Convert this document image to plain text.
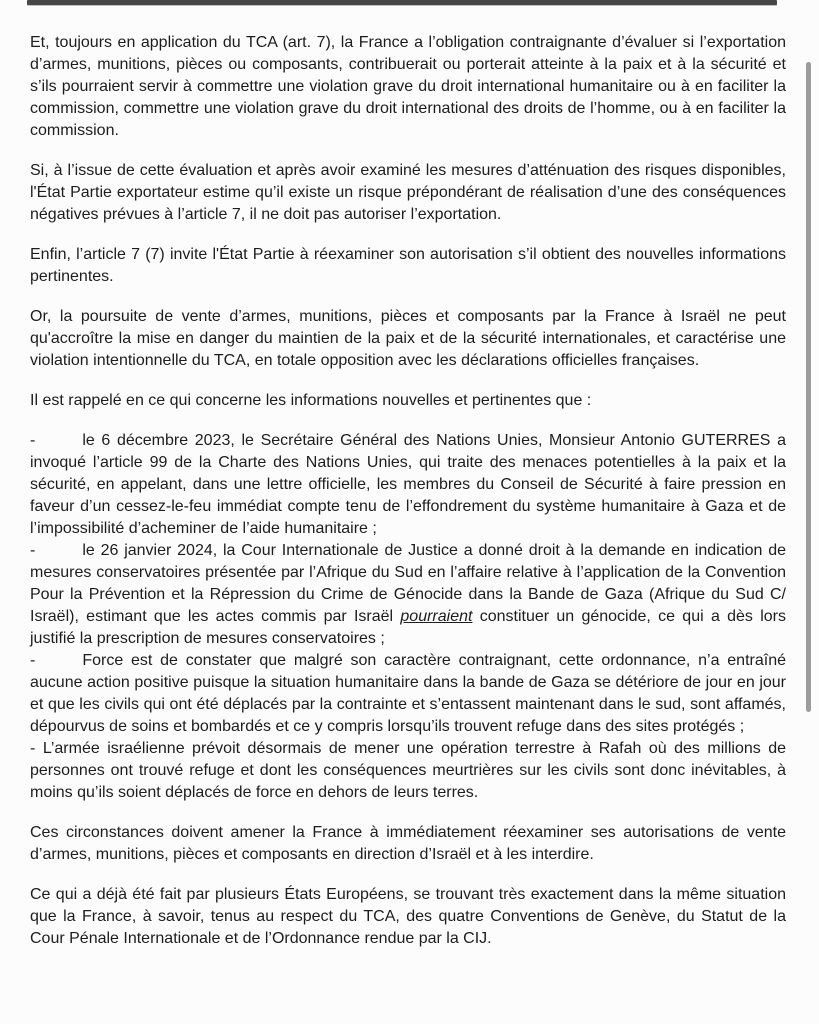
Et, toujours en application du TCA (art. 7), la France a l’obligation contraignante d’évaluer si l’exportation d’armes, munitions, pièces ou composants, contribuerait ou porterait atteinte à la paix et à la sécurité et s’ils pourraient servir à commettre une violation grave du droit international humanitaire ou à en faciliter la commission, commettre une violation grave du droit international des droits de l’homme, ou à en faciliter la commission.

Si, à l’issue de cette évaluation et après avoir examiné les mesures d’atténuation des risques disponibles, l'État Partie exportateur estime qu’il existe un risque prépondérant de réalisation d’une des conséquences négatives prévues à l’article 7, il ne doit pas autoriser l’exportation.

Enfin, l’article 7 (7) invite l'État Partie à réexaminer son autorisation s’il obtient des nouvelles informations pertinentes.

Or, la poursuite de vente d’armes, munitions, pièces et composants par la France à Israël ne peut qu'accroître la mise en danger du maintien de la paix et de la sécurité internationales, et caractérise une violation intentionnelle du TCA, en totale opposition avec les déclarations officielles françaises.

Il est rappelé en ce qui concerne les informations nouvelles et pertinentes que :

-	le 6 décembre 2023, le Secrétaire Général des Nations Unies, Monsieur Antonio GUTERRES a invoqué l’article 99 de la Charte des Nations Unies, qui traite des menaces potentielles à la paix et la sécurité, en appelant, dans une lettre officielle, les membres du Conseil de Sécurité à faire pression en faveur d’un cessez-le-feu immédiat compte tenu de l’effondrement du système humanitaire à Gaza et de l’impossibilité d’acheminer de l’aide humanitaire ;

-	le 26 janvier 2024, la Cour Internationale de Justice a donné droit à la demande en indication de mesures conservatoires présentée par l’Afrique du Sud en l’affaire relative à l’application de la Convention Pour la Prévention et la Répression du Crime de Génocide dans la Bande de Gaza (Afrique du Sud C/ Israël), estimant que les actes commis par Israël pourraient constituer un génocide, ce qui a dès lors justifié la prescription de mesures conservatoires ;

-	Force est de constater que malgré son caractère contraignant, cette ordonnance, n’a entraîné aucune action positive puisque la situation humanitaire dans la bande de Gaza se détériore de jour en jour et que les civils qui ont été déplacés par la contrainte et s’entassent maintenant dans le sud, sont affamés, dépourvus de soins et bombardés et ce y compris lorsqu’ils trouvent refuge dans des sites protégés ;

- L’armée israélienne prévoit désormais de mener une opération terrestre à Rafah où des millions de personnes ont trouvé refuge et dont les conséquences meurtrières sur les civils sont donc inévitables, à moins qu’ils soient déplacés de force en dehors de leurs terres.

Ces circonstances doivent amener la France à immédiatement réexaminer ses autorisations de vente d’armes, munitions, pièces et composants en direction d’Israël et à les interdire.

Ce qui a déjà été fait par plusieurs États Européens, se trouvant très exactement dans la même situation que la France, à savoir, tenus au respect du TCA, des quatre Conventions de Genève, du Statut de la Cour Pénale Internationale et de l’Ordonnance rendue par la CIJ.
